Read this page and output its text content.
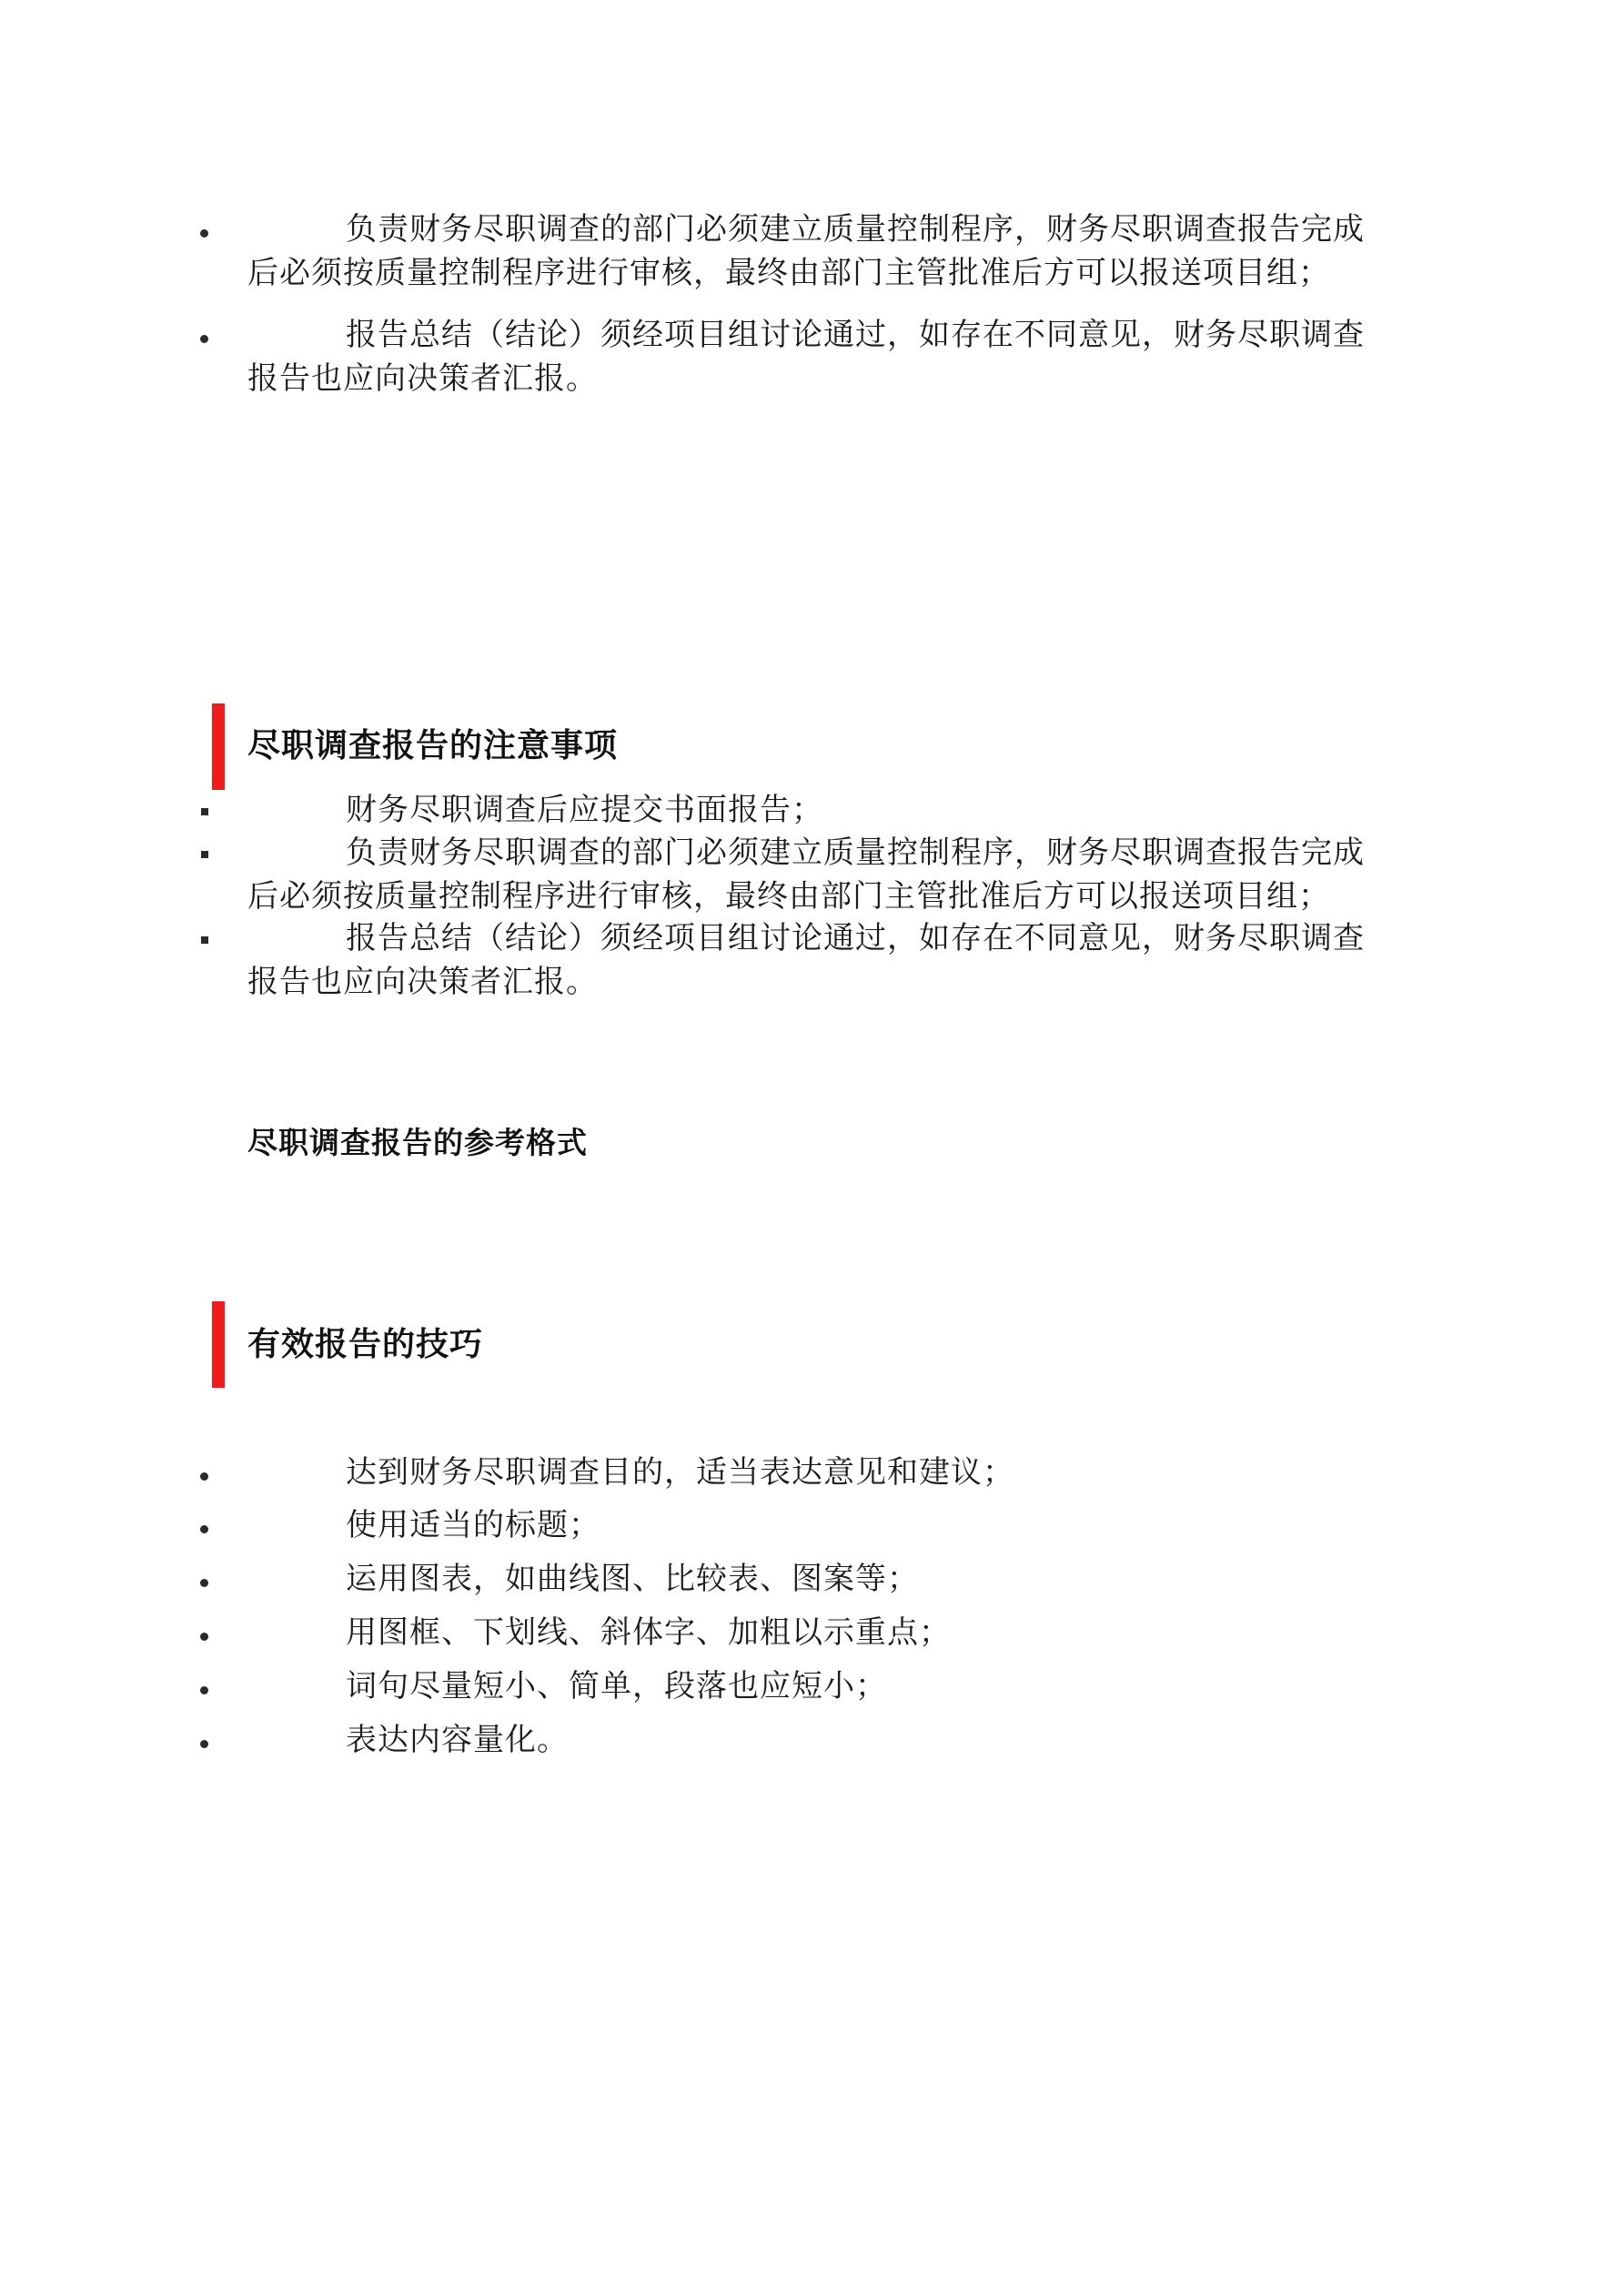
负责财务尽职调查的部门必须建立质量控制程序，财务尽职调查报告完成后必须按质量控制程序进行审核，最终由部门主管批准后方可以报送项目组；
报告总结（结论）须经项目组讨论通过，如存在不同意见，财务尽职调查报告也应向决策者汇报。
尽职调查报告的注意事项
财务尽职调查后应提交书面报告；
负责财务尽职调查的部门必须建立质量控制程序，财务尽职调查报告完成后必须按质量控制程序进行审核，最终由部门主管批准后方可以报送项目组；
报告总结（结论）须经项目组讨论通过，如存在不同意见，财务尽职调查报告也应向决策者汇报。
尽职调查报告的参考格式
有效报告的技巧
达到财务尽职调查目的，适当表达意见和建议；
使用适当的标题；
运用图表，如曲线图、比较表、图案等；
用图框、下划线、斜体字、加粗以示重点；
词句尽量短小、简单，段落也应短小；
表达内容量化。
